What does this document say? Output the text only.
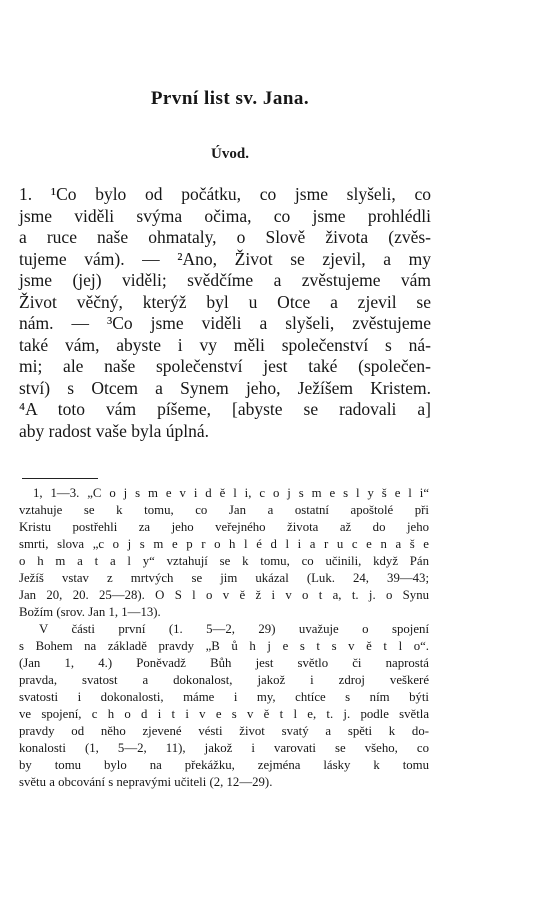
První list sv. Jana.
Úvod.
1. ¹Co bylo od počátku, co jsme slyšeli, co
jsme viděli svýma očima, co jsme prohlédli
a ruce naše ohmataly, o Slově života (zvěs-
tujeme vám). — ²Ano, Život se zjevil, a my
jsme (jej) viděli; svědčíme a zvěstujeme vám
Život věčný, kterýž byl u Otce a zjevil se
nám. — ³Co jsme viděli a slyšeli, zvěstujeme
také vám, abyste i vy měli společenství s ná-
mi; ale naše společenství jest také (společen-
ství) s Otcem a Synem jeho, Ježíšem Kristem.
⁴A toto vám píšeme, [abyste se radovali a]
aby radost vaše byla úplná.
1, 1—3. „C o j s m e v i d ě l i, c o j s m e s l y š e l i“
vztahuje se k tomu, co Jan a ostatní apoštolé při
Kristu postřehli za jeho veřejného života až do jeho
smrti, slova „c o j s m e p r o h l é d l i a r u c e n a š e
o h m a t a l y“ vztahují se k tomu, co učinili, když Pán
Ježíš vstav z mrtvých se jim ukázal (Luk. 24, 39—43;
Jan 20, 20. 25—28). O S l o v ě ž i v o t a, t. j. o Synu
Božím (srov. Jan 1, 1—13).
V části první (1. 5—2, 29) uvažuje o spojení
s Bohem na základě pravdy „B ů h j e s t s v ě t l o“.
(Jan 1, 4.) Poněvadž Bůh jest světlo či naprostá
pravda, svatost a dokonalost, jakož i zdroj veškeré
svatosti i dokonalosti, máme i my, chtíce s ním býti
ve spojení, c h o d i t i v e s v ě t l e, t. j. podle světla
pravdy od něho zjevené vésti život svatý a spěti k do-
konalosti (1, 5—2, 11), jakož i varovati se všeho, co
by tomu bylo na překážku, zejména lásky k tomu
světu a obcování s nepravými učiteli (2, 12—29).
